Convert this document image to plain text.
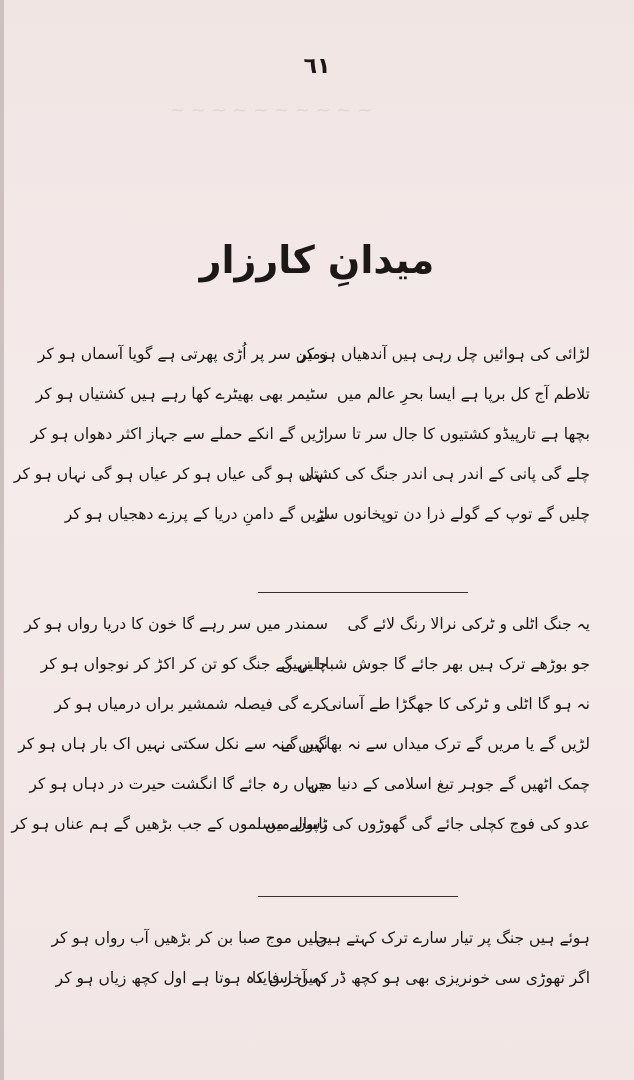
~ ~ ~ ~ ~ ~ ~ ~ ~ ~
٦١
میدانِ کارزار
لڑائی کی ہوائیں چل رہی ہیں آندھیاں ہو کر
زمین سر پر اُڑی پھرتی ہے گویا آسماں ہو کر
تلاطم آج کل برپا ہے ایسا بحرِ عالم میں
سٹیمر بھی بھیٹرے کھا رہے ہیں کشتیاں ہو کر
بچھا ہے تارپیڈو کشتیوں کا جال سر تا سر
اڑیں گے انکے حملے سے جہاز اکثر دھواں ہو کر
چلے گی پانی کے اندر ہی اندر جنگ کی کشتی
نہاں ہو گی عیاں ہو کر عیاں ہو گی نہاں ہو کر
چلیں گے توپ کے گولے ذرا دن توپخانوں سے
اڑیں گے دامنِ دریا کے پرزے دھجیاں ہو کر
یہ جنگ اٹلی و ٹرکی نرالا رنگ لائے گی
سمندر میں سر رہے گا خون کا دریا رواں ہو کر
جو بوڑھے ترک ہیں بھر جائے گا جوش شبابا نہیں
چلیں گے جنگ کو تن کر اکڑ کر نوجواں ہو کر
نہ ہو گا اٹلی و ٹرکی کا جھگڑا طے آسانی
کرے گی فیصلہ شمشیر براں درمیاں ہو کر
لڑیں گے یا مریں گے ترک میداں سے نہ بھاگیں گے
نہیں منہ سے نکل سکتی نہیں اک بار ہاں ہو کر
چمک اٹھیں گے جوہر تیغ اسلامی کے دنیا میں
جہاں رہ جائے گا انگشت حیرت در دہاں ہو کر
عدو کی فوج کچلی جائے گی گھوڑوں کی ٹاپوں میں
رسالے مسلموں کے جب بڑھیں گے ہم عناں ہو کر
ہوئے ہیں جنگ پر تیار سارے ترک کہتے ہیں
چلیں موج صبا بن کر بڑھیں آب رواں ہو کر
اگر تھوڑی سی خونریزی بھی ہو کچھ ڈر نہیں اس کا
کہ آخر فایدہ ہوتا ہے اول کچھ زیاں ہو کر
